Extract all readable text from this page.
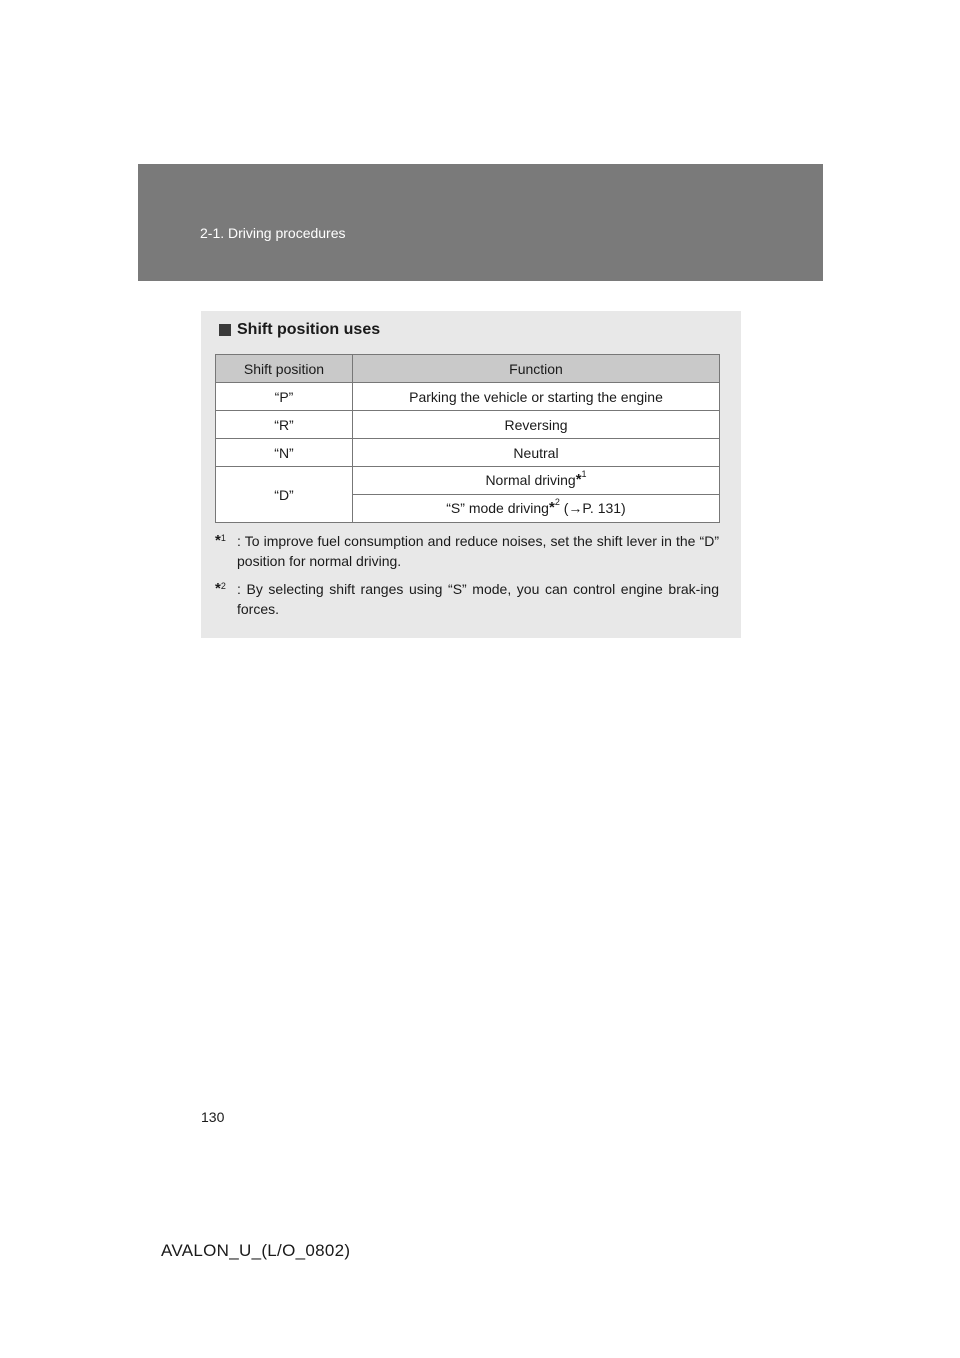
2-1. Driving procedures
Shift position uses
Shift position	Function
“P”	Parking the vehicle or starting the engine
“R”	Reversing
“N”	Neutral
“D”	Normal driving*$^1$
	“S” mode driving*$^2$ (→P. 131)
*$^1$ : To improve fuel consumption and reduce noises, set the shift lever in the “D” position for normal driving.
*$^2$ : By selecting shift ranges using “S” mode, you can control engine brak-ing forces.
130
AVALON_U_(L/O_0802)
